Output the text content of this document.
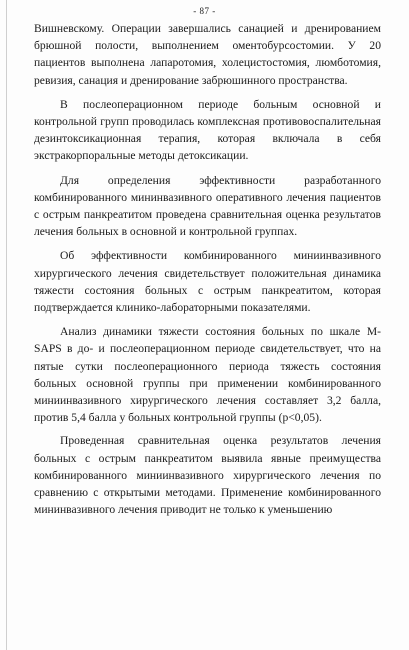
- 87 -

Вишневскому. Операции завершались санацией и дренированием брюшной полости, выполнением оментобурсостомии. У 20 пациентов выполнена лапаротомия, холецистостомия, люмботомия, ревизия, санация и дренирование забрюшинного пространства.

В послеоперационном периоде больным основной и контрольной групп проводилась комплексная противовоспалительная дезинтоксикационная терапия, которая включала в себя экстракорпоральные методы детоксикации.

Для определения эффективности разработанного комбинированного мининвазивного оперативного лечения пациентов с острым панкреатитом проведена сравнительная оценка результатов лечения больных в основной и контрольной группах.

Об эффективности комбинированного миниинвазивного хирургического лечения свидетельствует положительная динамика тяжести состояния больных с острым панкреатитом, которая подтверждается клинико-лабораторными показателями.

Анализ динамики тяжести состояния больных по шкале M-SAPS в до- и послеоперационном периоде свидетельствует, что на пятые сутки послеоперационного периода тяжесть состояния больных основной группы при применении комбинированного миниинвазивного хирургического лечения составляет 3,2 балла, против 5,4 балла у больных контрольной группы (p<0,05).

Проведенная сравнительная оценка результатов лечения больных с острым панкреатитом выявила явные преимущества комбинированного миниинвазивного хирургического лечения по сравнению с открытыми методами. Применение комбинированного мининвазивного лечения приводит не только к уменьшению
